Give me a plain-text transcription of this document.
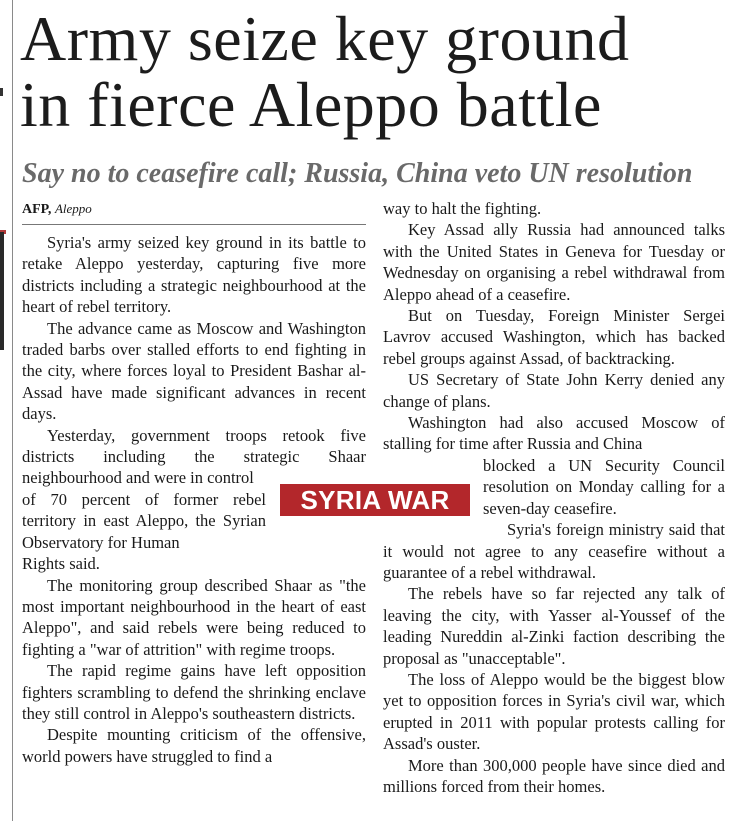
Army seize key ground
in fierce Aleppo battle
Say no to ceasefire call; Russia, China veto UN resolution
AFP, Aleppo

Syria's army seized key ground in its battle to retake Aleppo yesterday, capturing five more districts including a strategic neighbourhood at the heart of rebel territory.

The advance came as Moscow and Washington traded barbs over stalled efforts to end fighting in the city, where forces loyal to President Bashar al-Assad have made significant advances in recent days.

Yesterday, government troops retook five districts including the strategic Shaar neighbourhood and were in control

of 70 percent of former rebel territory in east Aleppo, the Syrian Observatory for Human

Rights said.

The monitoring group described Shaar as "the most important neighbourhood in the heart of east Aleppo", and said rebels were being reduced to fighting a "war of attrition" with regime troops.

The rapid regime gains have left opposition fighters scrambling to defend the shrinking enclave they still control in Aleppo's southeastern districts.

Despite mounting criticism of the offensive, world powers have struggled to find a

way to halt the fighting.

Key Assad ally Russia had announced talks with the United States in Geneva for Tuesday or Wednesday on organising a rebel withdrawal from Aleppo ahead of a ceasefire.

But on Tuesday, Foreign Minister Sergei Lavrov accused Washington, which has backed rebel groups against Assad, of backtracking.

US Secretary of State John Kerry denied any change of plans.

Washington had also accused Moscow of stalling for time after Russia and China

blocked a UN Security Council resolution on Monday calling for a seven-day ceasefire.

Syria's foreign ministry said that it would not agree to any ceasefire without a guarantee of a rebel withdrawal.

The rebels have so far rejected any talk of leaving the city, with Yasser al-Youssef of the leading Nureddin al-Zinki faction describing the proposal as "unacceptable".

The loss of Aleppo would be the biggest blow yet to opposition forces in Syria's civil war, which erupted in 2011 with popular protests calling for Assad's ouster.

More than 300,000 people have since died and millions forced from their homes.

SYRIA WAR
